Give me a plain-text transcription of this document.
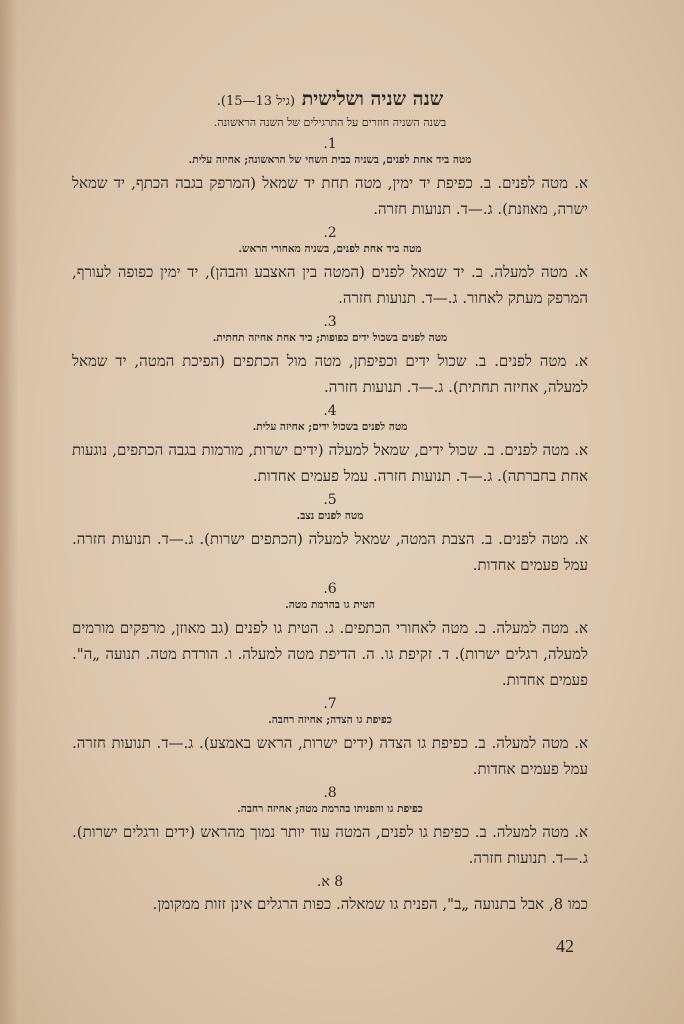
שנה שניה ושלישית (גיל 13—15).

בשנה השניה חוזרים על התרגילים של השנה הראשונה.

1.

מטה ביד אחת לפנים, בשניה בבית השחי של הראשונה; אחיזה עלית.

א. מטה לפנים. ב. כפיפת יד ימין, מטה תחת יד שמאל (המרפק בגבה הכתף, יד שמאל ישרה, מאוזנת). ג.—ד. תנועות חזרה.

2.

מטה ביד אחת לפנים, בשניה מאחורי הראש.

א. מטה למעלה. ב. יד שמאל לפנים (המטה בין האצבע והבהן), יד ימין כפופה לעורף, המרפק מעתק לאחור. ג.—ד. תנועות חזרה.

3.

מטה לפנים בשכול ידים כפופות; כיד אחת אחיזה תחתית.

א. מטה לפנים. ב. שכול ידים וכפיפתן, מטה מול הכתפים (הפיכת המטה, יד שמאל למעלה, אחיזה תחתית). ג.—ד. תנועות חזרה.

4.

מטה לפנים בשכול ידים; אחיזה עלית.

א. מטה לפנים. ב. שכול ידים, שמאל למעלה (ידים ישרות, מורמות בגבה הכתפים, נוגעות אחת בחברתה). ג.—ד. תנועות חזרה. עמל פעמים אחדות.

5.

מטה לפנים נצב.

א. מטה לפנים. ב. הצבת המטה, שמאל למעלה (הכתפים ישרות). ג.—ד. תנועות חזרה. עמל פעמים אחדות.

6.

הטית גו בהרמת מטה.

א. מטה למעלה. ב. מטה לאחורי הכתפים. ג. הטית גו לפנים (גב מאוזן, מרפקים מורמים למעלה, רגלים ישרות). ד. זקיפת גו. ה. הדיפת מטה למעלה. ו. הורדת מטה. תנועה „ה". פעמים אחדות.

7.

כפיפת גו הצדה; אחיזה רחבה.

א. מטה למעלה. ב. כפיפת גו הצדה (ידים ישרות, הראש באמצע). ג.—ד. תנועות חזרה. עמל פעמים אחדות.

8.

כפיפת גו והפניתו בהרמת מטה; אחיזה רחבה.

א. מטה למעלה. ב. כפיפת גו לפנים, המטה עוד יותר נמוך מהראש (ידים ורגלים ישרות). ג.—ד. תנועות חזרה.

8 א.

כמו 8, אבל בתנועה „ב", הפנית גו שמאלה. כפות הרגלים אינן זזות ממקומן.

42
